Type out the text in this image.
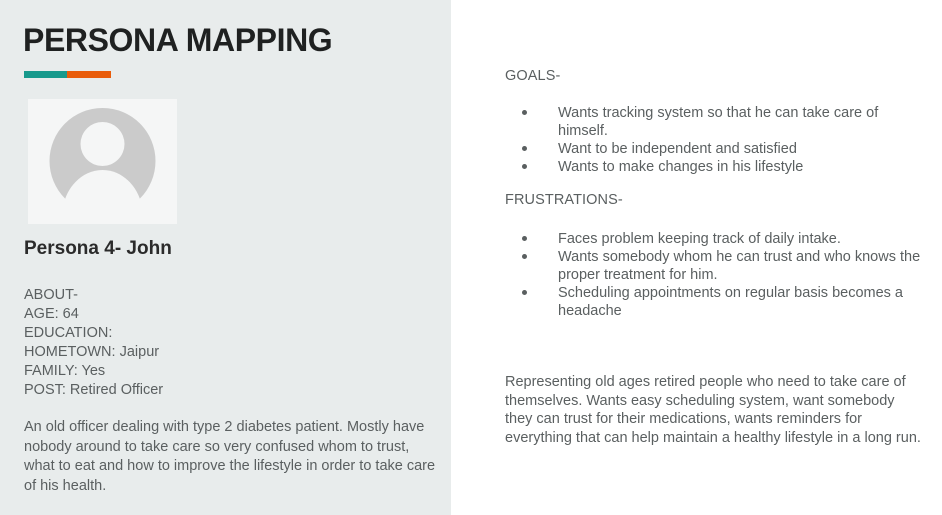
PERSONA MAPPING
Persona 4- John
ABOUT-
AGE: 64
EDUCATION:
HOMETOWN: Jaipur
FAMILY: Yes
POST: Retired Officer
An old officer dealing with type 2 diabetes patient. Mostly have nobody around to take care so very confused whom to trust, what to eat and how to improve the lifestyle in order to take care of his health.
GOALS-
Wants tracking system so that he can take care of himself.
Want to be independent and satisfied
Wants to make changes in his lifestyle
FRUSTRATIONS-
Faces problem keeping track of daily intake.
Wants somebody whom he can trust and who knows the proper treatment for him.
Scheduling appointments on regular basis becomes a headache
Representing old ages retired people who need to take care of themselves. Wants easy scheduling system, want somebody they can trust for their medications, wants reminders for everything that can help maintain a healthy lifestyle in a long run.
